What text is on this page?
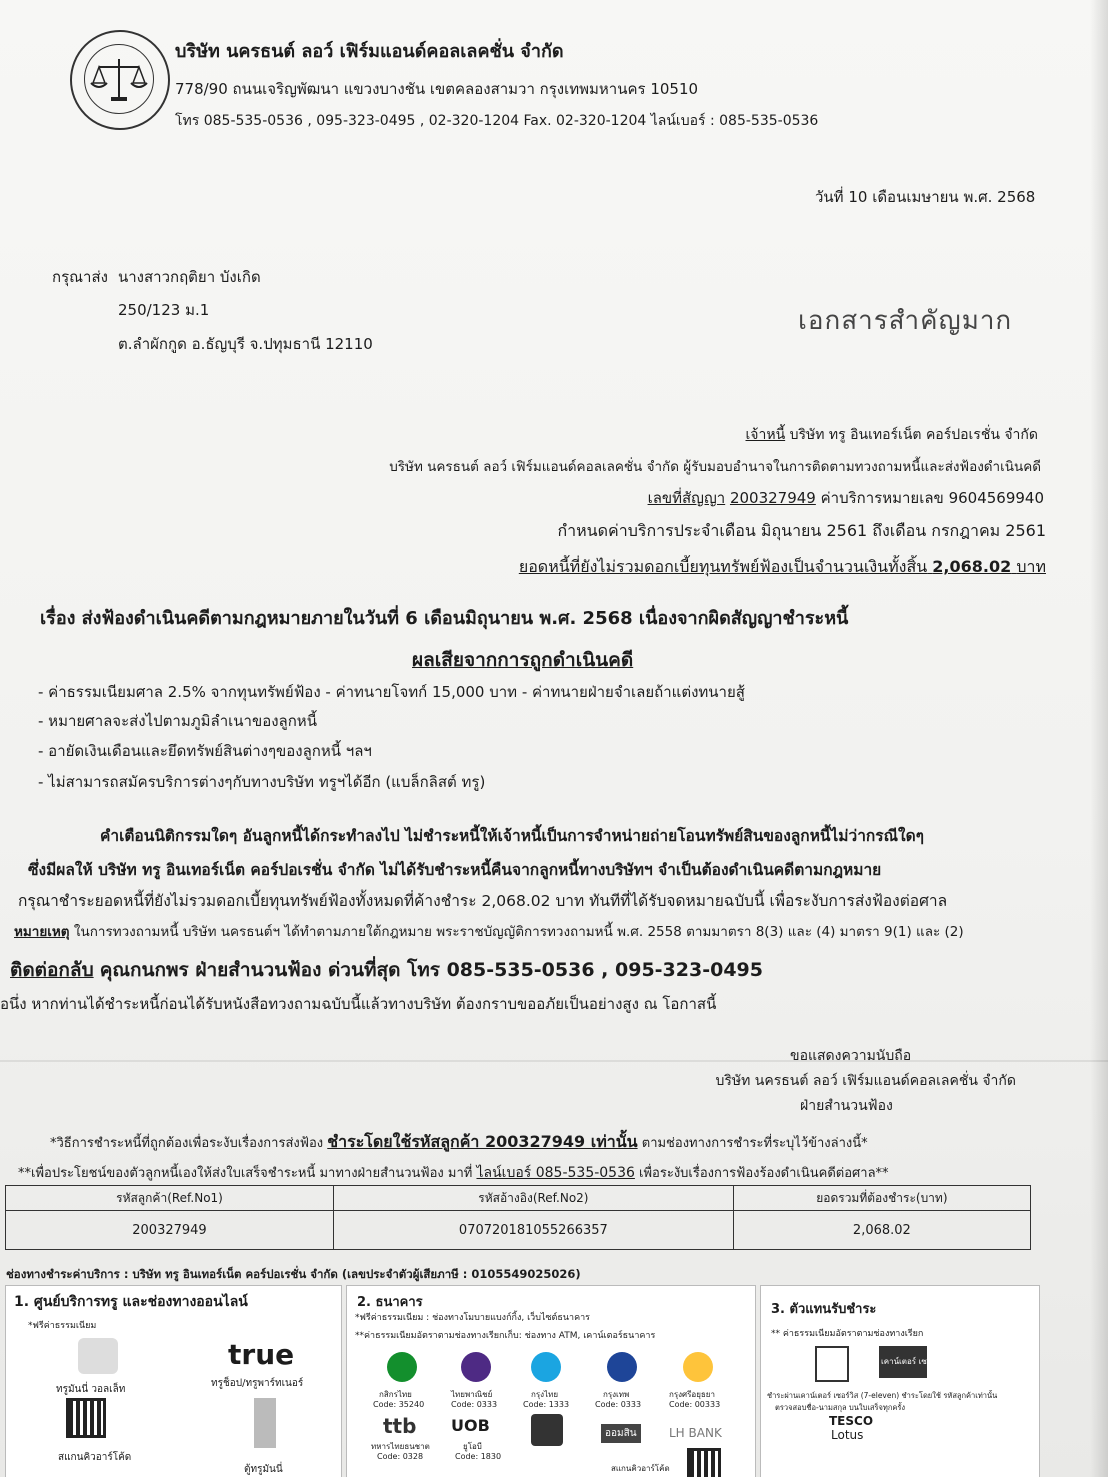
บริษัท นครธนต์ ลอว์ เฟิร์มแอนด์คอลเลคชั่น จำกัด
778/90 ถนนเจริญพัฒนา แขวงบางชัน เขตคลองสามวา กรุงเทพมหานคร 10510
โทร 085-535-0536 , 095-323-0495 , 02-320-1204 Fax. 02-320-1204 ไลน์เบอร์ : 085-535-0536
วันที่ 10 เดือนเมษายน พ.ศ. 2568
กรุณาส่ง นางสาวกฤติยา บังเกิด
250/123 ม.1
ต.ลำผักกูด อ.ธัญบุรี จ.ปทุมธานี 12110
เอกสารสำคัญมาก
เจ้าหนี้ บริษัท ทรู อินเทอร์เน็ต คอร์ปอเรชั่น จำกัด
บริษัท นครธนต์ ลอว์ เฟิร์มแอนด์คอลเลคชั่น จำกัด ผู้รับมอบอำนาจในการติดตามทวงถามหนี้และส่งฟ้องดำเนินคดี
เลขที่สัญญา 200327949 ค่าบริการหมายเลข 9604569940
กำหนดค่าบริการประจำเดือน มิถุนายน 2561 ถึงเดือน กรกฎาคม 2561
ยอดหนี้ที่ยังไม่รวมดอกเบี้ยทุนทรัพย์ฟ้องเป็นจำนวนเงินทั้งสิ้น 2,068.02 บาท
เรื่อง ส่งฟ้องดำเนินคดีตามกฎหมายภายในวันที่ 6 เดือนมิถุนายน พ.ศ. 2568 เนื่องจากผิดสัญญาชำระหนี้
ผลเสียจากการถูกดำเนินคดี
- ค่าธรรมเนียมศาล 2.5% จากทุนทรัพย์ฟ้อง - ค่าทนายโจทก์ 15,000 บาท - ค่าทนายฝ่ายจำเลยถ้าแต่งทนายสู้
- หมายศาลจะส่งไปตามภูมิลำเนาของลูกหนี้
- อายัดเงินเดือนและยึดทรัพย์สินต่างๆของลูกหนี้ ฯลฯ
- ไม่สามารถสมัครบริการต่างๆกับทางบริษัท ทรูฯได้อีก (แบล็กลิสต์ ทรู)
คำเตือนนิติกรรมใดๆ อันลูกหนี้ได้กระทำลงไป ไม่ชำระหนี้ให้เจ้าหนี้เป็นการจำหน่ายถ่ายโอนทรัพย์สินของลูกหนี้ไม่ว่ากรณีใดๆ
ซึ่งมีผลให้ บริษัท ทรู อินเทอร์เน็ต คอร์ปอเรชั่น จำกัด ไม่ได้รับชำระหนี้คืนจากลูกหนี้ทางบริษัทฯ จำเป็นต้องดำเนินคดีตามกฎหมาย
กรุณาชำระยอดหนี้ที่ยังไม่รวมดอกเบี้ยทุนทรัพย์ฟ้องทั้งหมดที่ค้างชำระ 2,068.02 บาท ทันทีที่ได้รับจดหมายฉบับนี้ เพื่อระงับการส่งฟ้องต่อศาล
หมายเหตุ ในการทวงถามหนี้ บริษัท นครธนต์ฯ ได้ทำตามภายใต้กฎหมาย พระราชบัญญัติการทวงถามหนี้ พ.ศ. 2558 ตามมาตรา 8(3) และ (4) มาตรา 9(1) และ (2)
ติดต่อกลับ คุณกนกพร ฝ่ายสำนวนฟ้อง ด่วนที่สุด โทร 085-535-0536 , 095-323-0495
อนึ่ง หากท่านได้ชำระหนี้ก่อนได้รับหนังสือทวงถามฉบับนี้แล้วทางบริษัท ต้องกราบขออภัยเป็นอย่างสูง ณ โอกาสนี้
ขอแสดงความนับถือ
บริษัท นครธนต์ ลอว์ เฟิร์มแอนด์คอลเลคชั่น จำกัด
ฝ่ายสำนวนฟ้อง
*วิธีการชำระหนี้ที่ถูกต้องเพื่อระงับเรื่องการส่งฟ้อง ชำระโดยใช้รหัสลูกค้า 200327949 เท่านั้น ตามช่องทางการชำระที่ระบุไว้ข้างล่างนี้*
**เพื่อประโยชน์ของตัวลูกหนี้เองให้ส่งใบเสร็จชำระหนี้ มาทางฝ่ายสำนวนฟ้อง มาที่ ไลน์เบอร์ 085-535-0536 เพื่อระงับเรื่องการฟ้องร้องดำเนินคดีต่อศาล**
รหัสลูกค้า(Ref.No1)	รหัสอ้างอิง(Ref.No2)	ยอดรวมที่ต้องชำระ(บาท)
200327949	070720181055266357	2,068.02
ช่องทางชำระค่าบริการ : บริษัท ทรู อินเทอร์เน็ต คอร์ปอเรชั่น จำกัด (เลขประจำตัวผู้เสียภาษี : 0105549025026)
1. ศูนย์บริการทรู และช่องทางออนไลน์
*ฟรีค่าธรรมเนียม
ทรูมันนี่ วอลเล็ท
สแกนคิวอาร์โค้ด
true
ทรูช็อป/ทรูพาร์ทเนอร์
ตู้ทรูมันนี่
2. ธนาคาร
*ฟรีค่าธรรมเนียม : ช่องทางโมบายแบงก์กิ้ง, เว็บไซต์ธนาคาร
**ค่าธรรมเนียมอัตราตามช่องทางเรียกเก็บ: ช่องทาง ATM, เคาน์เตอร์ธนาคาร
กสิกรไทย
Code: 35240
ไทยพาณิชย์
Code: 0333
กรุงไทย
Code: 1333
กรุงเทพ
Code: 0333
กรุงศรีอยุธยา
Code: 00333
ttb
ทหารไทยธนชาต
Code: 0328
UOB
ยูโอบี
Code: 1830
ออมสิน	LH BANK
สแกนคิวอาร์โค้ด
3. ตัวแทนรับชำระ
** ค่าธรรมเนียมอัตราตามช่องทางเรียก
เคาน์เตอร์ เซอร์วิส
ชำระผ่านเคาน์เตอร์ เซอร์วิส (7-eleven) ชำระโดยใช้ รหัสลูกค้าเท่านั้น
ตรวจสอบชื่อ-นามสกุล บนใบเสร็จทุกครั้ง
TESCO
Lotus
